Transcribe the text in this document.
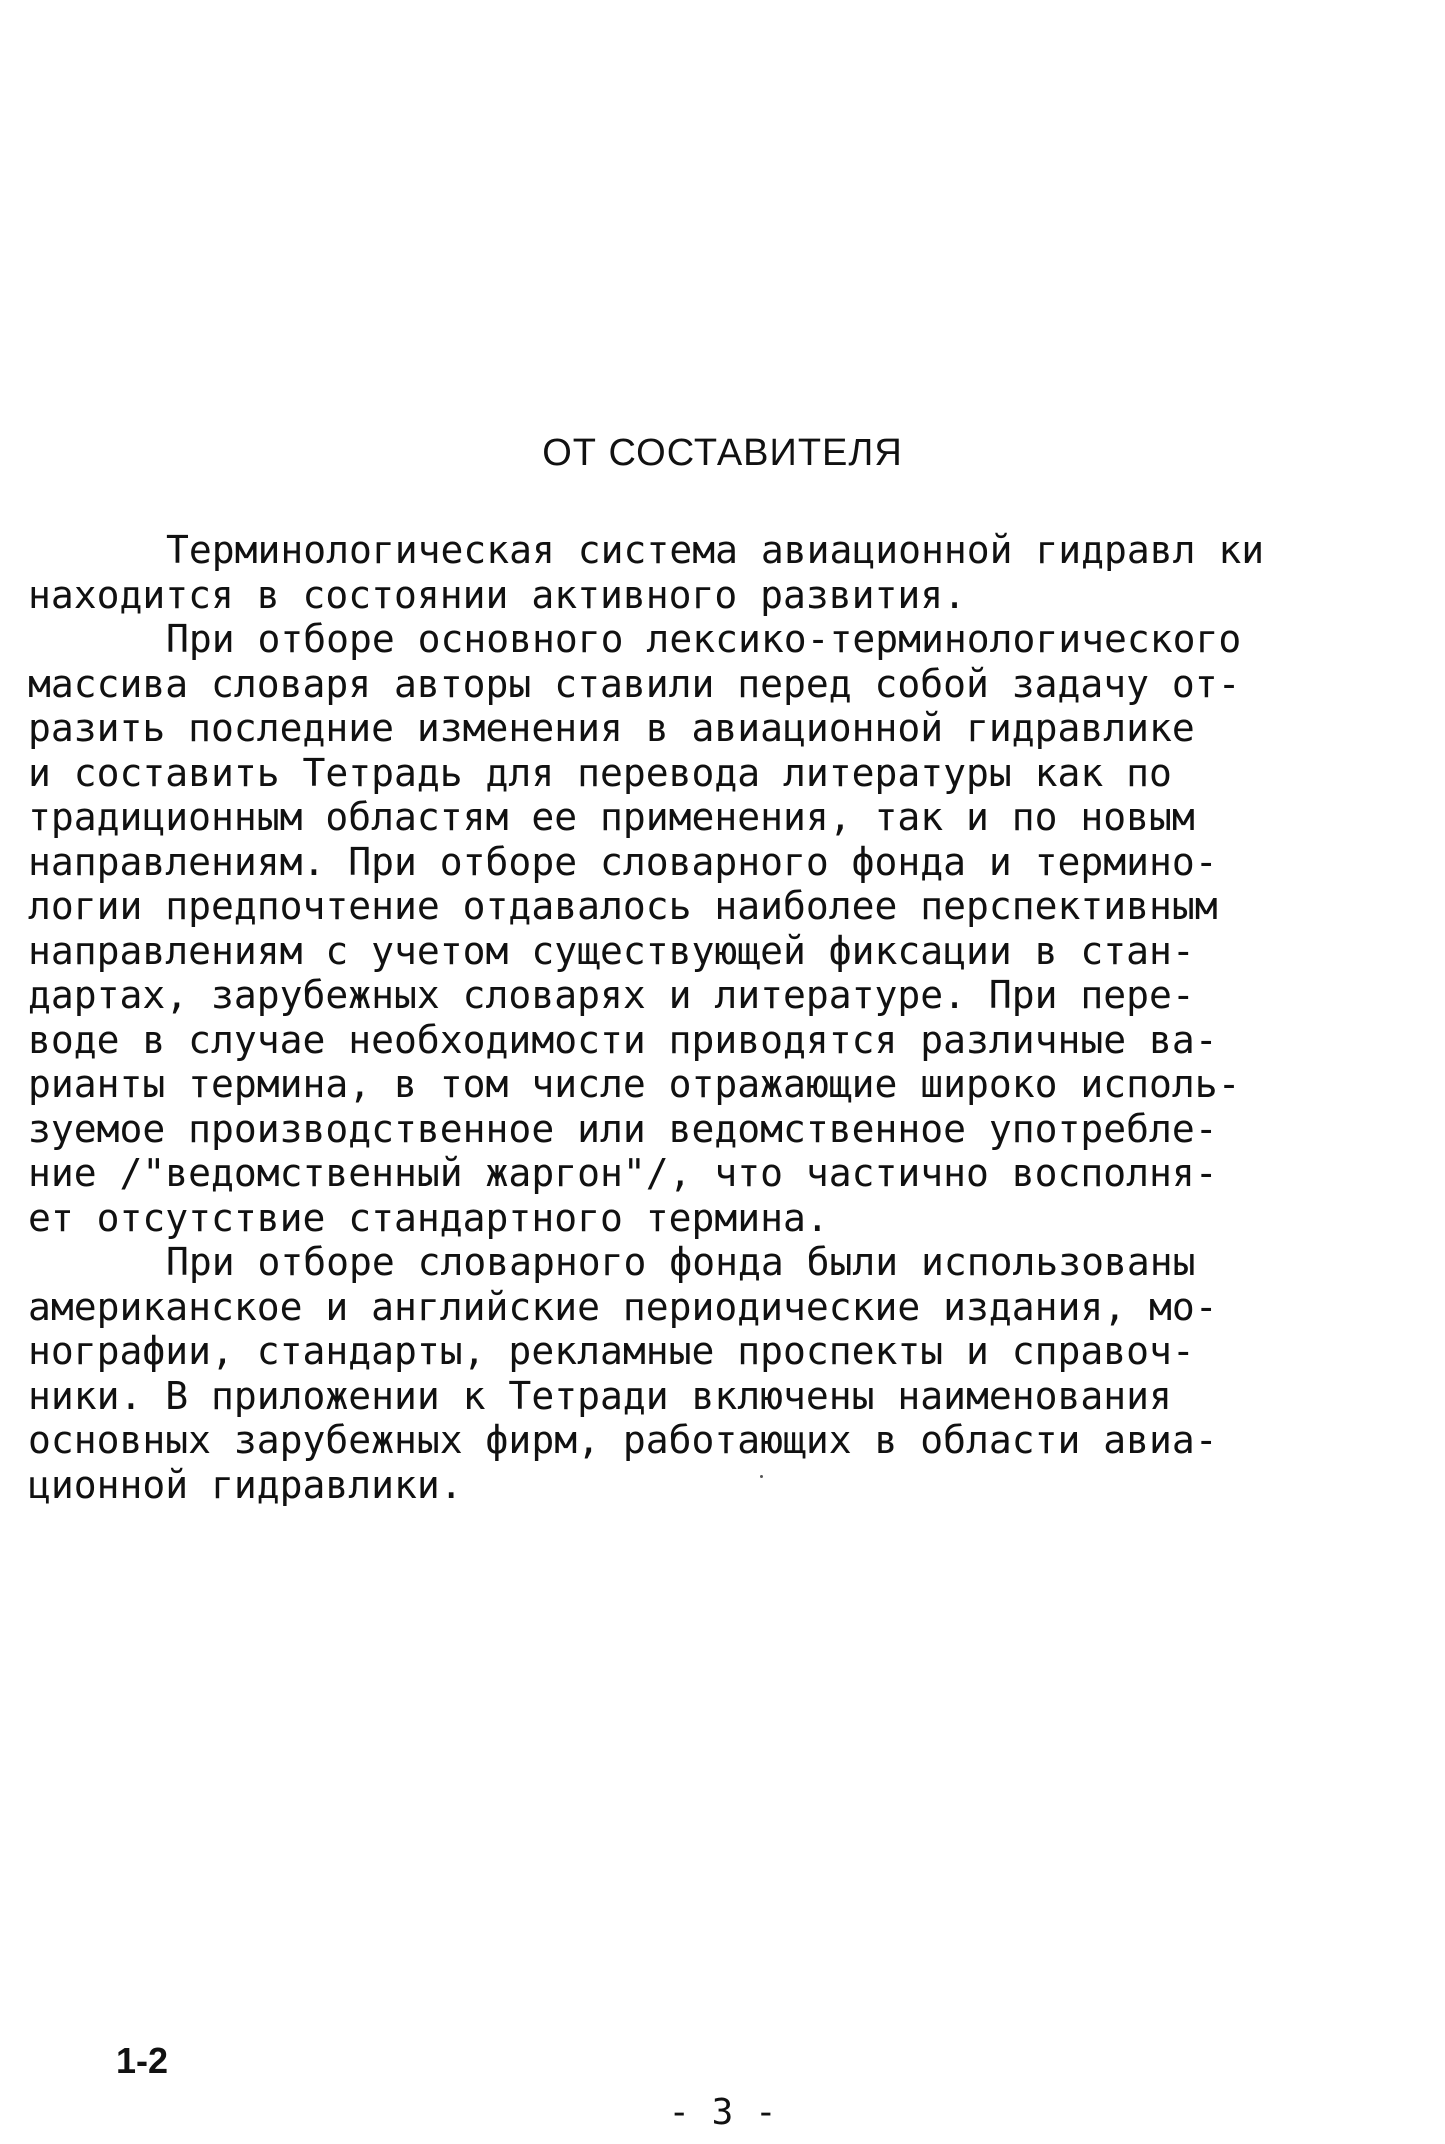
ОТ СОСТАВИТЕЛЯ
Терминологическая система авиационной гидравл ки
находится в состоянии активного развития.
При отборе основного лексико-терминологического
массива словаря авторы ставили перед собой задачу от-
разить последние изменения в авиационной гидравлике
и составить Тетрадь для перевода литературы как по
традиционным областям ее применения, так и по новым
направлениям. При отборе словарного фонда и термино-
логии предпочтение отдавалось наиболее перспективным
направлениям с учетом существующей фиксации в стан-
дартах, зарубежных словарях и литературе. При пере-
воде в случае необходимости приводятся различные ва-
рианты термина, в том числе отражающие широко исполь-
зуемое производственное или ведомственное употребле-
ние /"ведомственный жаргон"/, что частично восполня-
ет отсутствие стандартного термина.
При отборе словарного фонда были использованы
американское и английские периодические издания, мо-
нографии, стандарты, рекламные проспекты и справоч-
ники. В приложении к Тетради включены наименования
основных зарубежных фирм, работающих в области авиа-
ционной гидравлики.
1-2
- 3 -
